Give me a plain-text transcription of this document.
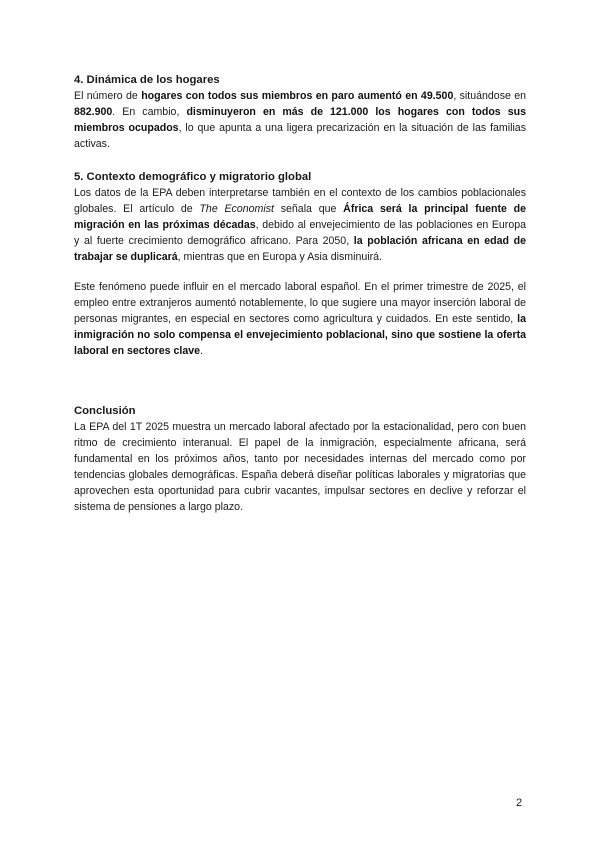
4. Dinámica de los hogares

El número de hogares con todos sus miembros en paro aumentó en 49.500, situándose en 882.900. En cambio, disminuyeron en más de 121.000 los hogares con todos sus miembros ocupados, lo que apunta a una ligera precarización en la situación de las familias activas.

5. Contexto demográfico y migratorio global

Los datos de la EPA deben interpretarse también en el contexto de los cambios poblacionales globales. El artículo de The Economist señala que África será la principal fuente de migración en las próximas décadas, debido al envejecimiento de las poblaciones en Europa y al fuerte crecimiento demográfico africano. Para 2050, la población africana en edad de trabajar se duplicará, mientras que en Europa y Asia disminuirá.

Este fenómeno puede influir en el mercado laboral español. En el primer trimestre de 2025, el empleo entre extranjeros aumentó notablemente, lo que sugiere una mayor inserción laboral de personas migrantes, en especial en sectores como agricultura y cuidados. En este sentido, la inmigración no solo compensa el envejecimiento poblacional, sino que sostiene la oferta laboral en sectores clave.

Conclusión

La EPA del 1T 2025 muestra un mercado laboral afectado por la estacionalidad, pero con buen ritmo de crecimiento interanual. El papel de la inmigración, especialmente africana, será fundamental en los próximos años, tanto por necesidades internas del mercado como por tendencias globales demográficas. España deberá diseñar políticas laborales y migratorias que aprovechen esta oportunidad para cubrir vacantes, impulsar sectores en declive y reforzar el sistema de pensiones a largo plazo.

2
